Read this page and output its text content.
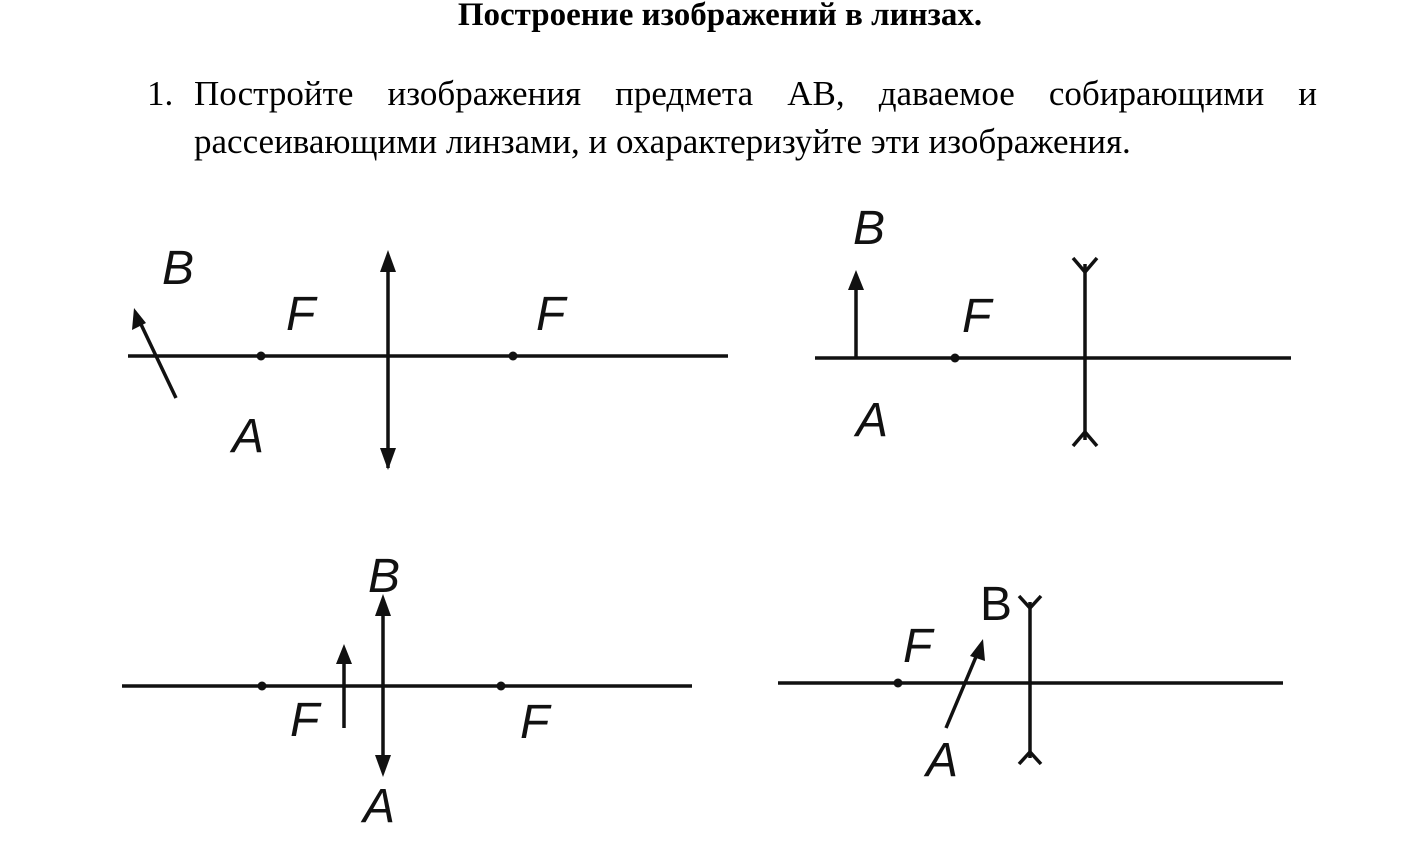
Построение изображений в линзах.
1. Постройте изображения предмета АВ, даваемое собирающими и рассеивающими линзами, и охарактеризуйте эти изображения.
B
F	F
A
B
F
A
B
F	F
A
B
F
A
